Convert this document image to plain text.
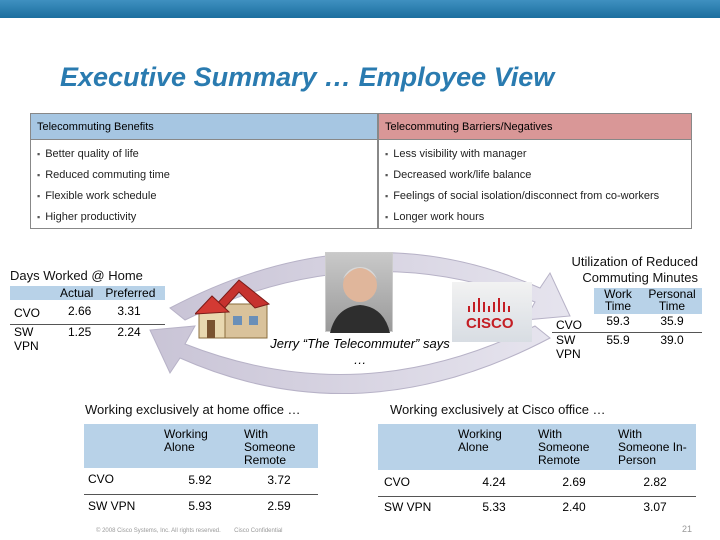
Executive Summary … Employee View
Telecommuting Benefits
▪ Better quality of life
▪ Reduced commuting time
▪ Flexible work schedule
▪ Higher productivity
Telecommuting Barriers/Negatives
▪ Less visibility with manager
▪ Decreased work/life balance
▪ Feelings of social isolation/disconnect from co-workers
▪ Longer work hours
CISCO
Jerry “The Telecommuter” says …
Days Worked @ Home
	Actual	Preferred
CVO	2.66	3.31
SW VPN	1.25	2.24
Utilization of Reduced Commuting Minutes
	Work Time	Personal Time
CVO	59.3	35.9
SW VPN	55.9	39.0
Working exclusively at home office …
	Working Alone	With Someone Remote
CVO	5.92	3.72
SW VPN	5.93	2.59
Working exclusively at Cisco office …
	Working Alone	With Someone Remote	With Someone In-Person
CVO	4.24	2.69	2.82
SW VPN	5.33	2.40	3.07
© 2008 Cisco Systems, Inc. All rights reserved.        Cisco Confidential	21
